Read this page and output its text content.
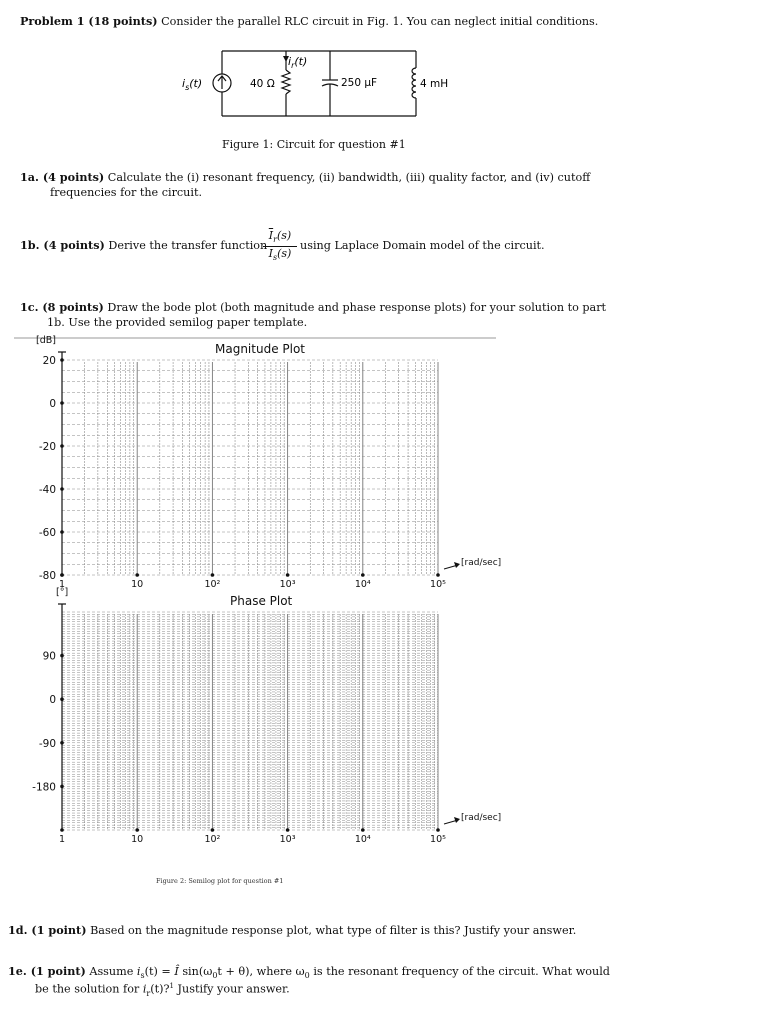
Problem 1 (18 points) Consider the parallel RLC circuit in Fig. 1. You can neglect initial conditions.
$i_s(t)$	40 Ω
$i_r(t)$
250 μF	4 mH
Figure 1: Circuit for question #1
1a. (4 points) Calculate the (i) resonant frequency, (ii) bandwidth, (iii) quality factor, and (iv) cutoff
frequencies for the circuit.
1b. (4 points) Derive the transfer function
$\overline{I}_r(s)$
$\overline{I}_s(s)$
using Laplace Domain model of the circuit.
1c. (8 points) Draw the bode plot (both magnitude and phase response plots) for your solution to part
1b. Use the provided semilog paper template.
20
0
-20
-40
-60
-80
1	10	10²	10³	10⁴	10⁵
Magnitude Plot
[dB]
[rad/sec]
90
0
-90
-180
1	10	10²	10³	10⁴	10⁵
Phase Plot
[°]
[rad/sec]
Figure 2: Semilog plot for question #1
1d. (1 point) Based on the magnitude response plot, what type of filter is this? Justify your answer.
1e. (1 point) Assume $i_s(t)$ = Î $\sin(\omega_0t + \theta)$, where $\omega_0$ is the resonant frequency of the circuit. What would
be the solution for $i_r(t)?^1$ Justify your answer.
